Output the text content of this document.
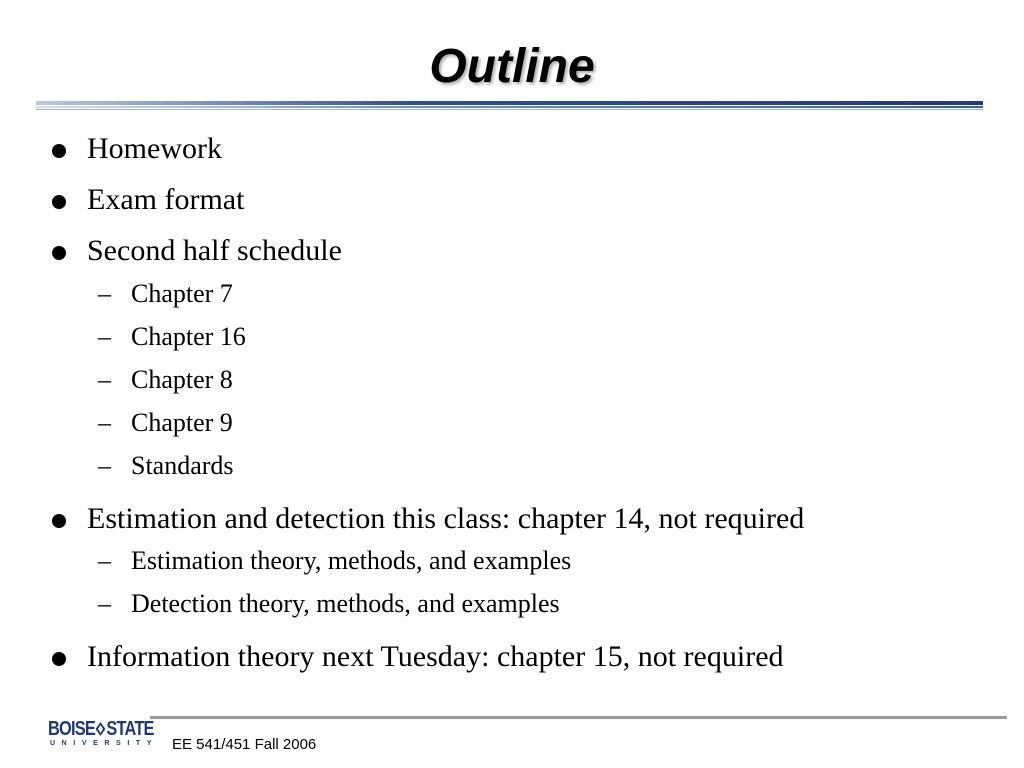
Outline
Homework
Exam format
Second half schedule
– Chapter 7
– Chapter 16
– Chapter 8
– Chapter 9
– Standards
Estimation and detection this class: chapter 14, not required
– Estimation theory, methods, and examples
– Detection theory, methods, and examples
Information theory next Tuesday: chapter 15, not required
BOISE STATE
UNIVERSITY EE 541/451 Fall 2006
